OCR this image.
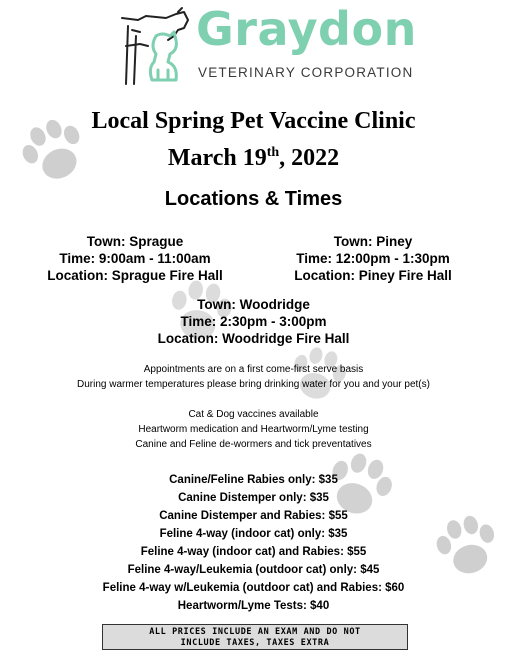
Graydon
VETERINARY CORPORATION
Local Spring Pet Vaccine Clinic
March 19th, 2022
Locations & Times
Town: Sprague
Time: 9:00am - 11:00am
Location: Sprague Fire Hall
Town: Piney
Time: 12:00pm - 1:30pm
Location: Piney Fire Hall
Town: Woodridge
Time: 2:30pm - 3:00pm
Location: Woodridge Fire Hall
Appointments are on a first come-first serve basis
During warmer temperatures please bring drinking water for you and your pet(s)
Cat & Dog vaccines available
Heartworm medication and Heartworm/Lyme testing
Canine and Feline de-wormers and tick preventatives
Canine/Feline Rabies only: $35
Canine Distemper only: $35
Canine Distemper and Rabies: $55
Feline 4-way (indoor cat) only: $35
Feline 4-way (indoor cat) and Rabies: $55
Feline 4-way/Leukemia (outdoor cat) only: $45
Feline 4-way w/Leukemia (outdoor cat) and Rabies: $60
Heartworm/Lyme Tests: $40
ALL PRICES INCLUDE AN EXAM AND DO NOT
INCLUDE TAXES, TAXES EXTRA
